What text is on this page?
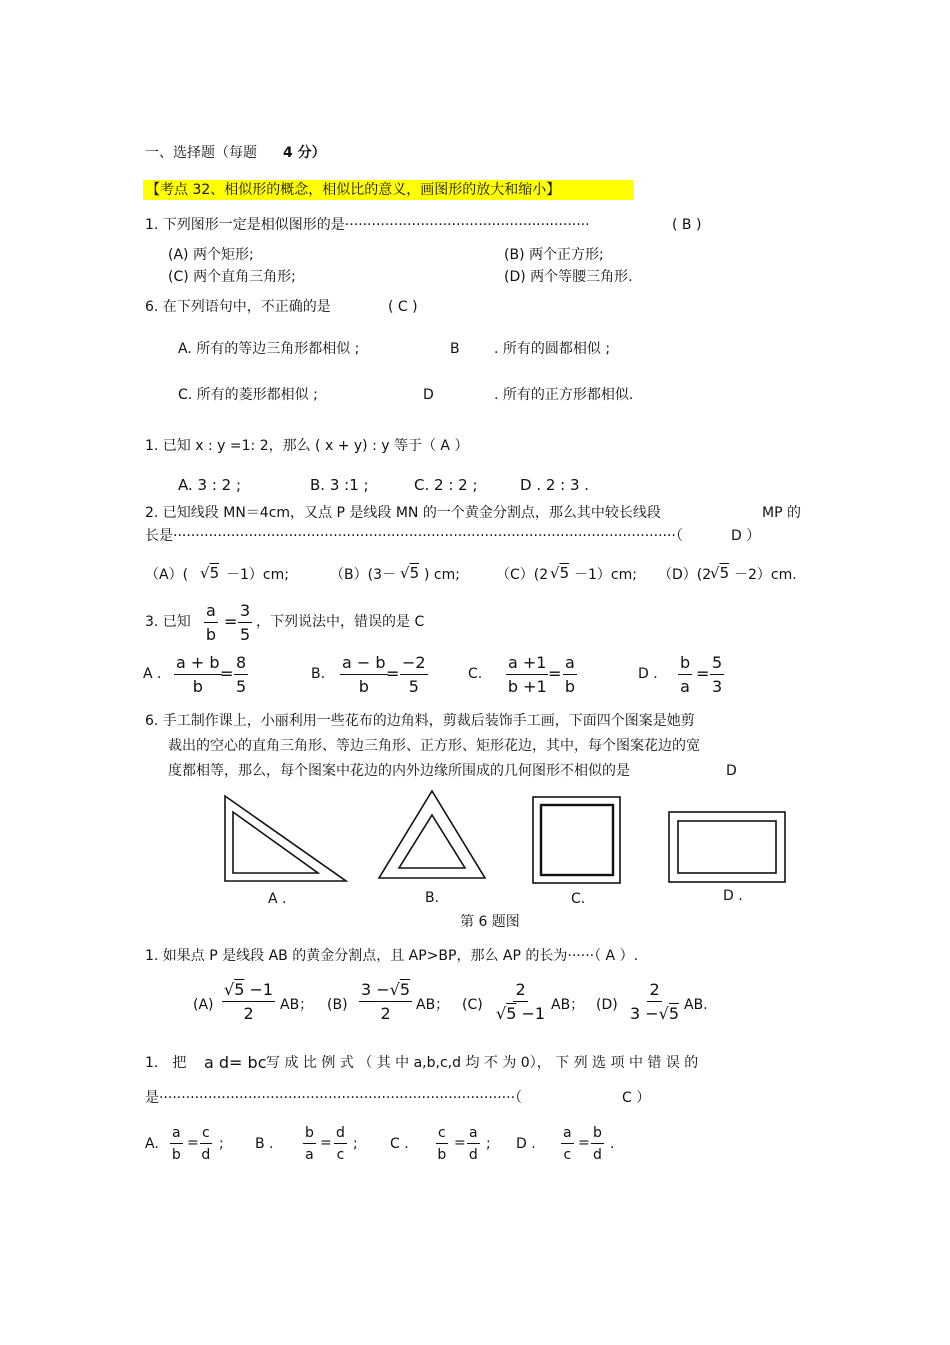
一、选择题（每题 4 分）
【考点 32、相似形的概念，相似比的意义，画图形的放大和缩小】
1. 下列图形一定是相似图形的是·······················································	( B )
(A) 两个矩形;	(B) 两个正方形;
(C) 两个直角三角形;	(D) 两个等腰三角形.
6. 在下列语句中，不正确的是	( C )
A. 所有的等边三角形都相似 ;	B . 所有的圆都相似 ;
C. 所有的菱形都相似 ;	D	. 所有的正方形都相似.
1. 已知 x : y =1: 2，那么 ( x + y) : y 等于（ A ）
A. 3 : 2 ;	B. 3 :1 ;	C. 2 : 2 ;	D . 2 : 3 .
2. 已知线段 MN＝4cm，又点 P 是线段 MN 的一个黄金分割点，那么其中较长线段	MP 的
长是·················································································································（	D ）
（A）( √5 －1）cm;	（B）(3－ √5 ) cm;	（C）(2 √5 －1）cm; （D）(2
√5 －2）cm.
3. 已知 $\frac{a}{b} = \frac{3}{5}$ ，下列说法中，错误的是 C
A . $\frac{a + b}{b}$
= $\frac{8}{5}$	B. $\frac{a - b}{b}$
= $\frac{-2}{5}$	C. $\frac{a +1}{b +1} = \frac{a}{b}$	D . $\frac{b}{a} = \frac{5}{3}$
6. 手工制作课上，小丽利用一些花布的边角料，剪裁后装饰手工画，下面四个图案是她剪
裁出的空心的直角三角形、等边三角形、正方形、矩形花边，其中，每个图案花边的宽
度都相等，那么，每个图案中花边的内外边缘所围成的几何图形不相似的是	D
A .	B.	C.	D .
第 6 题图
1. 如果点 P 是线段 AB 的黄金分割点，且 AP>BP，那么 AP 的长为······（ A ）.
$(A) \frac{√5 -1}{2}$ AB； $(B) \frac{3 -√5}{2}$ AB； $(C) \frac{2}{√5 -1}$ AB； $(D) \frac{2}{3 -√5}$ AB.
1． 把 a d= bc 写 成 比 例 式 （ 其 中 a,b,c,d 均 不 为 0）， 下 列 选 项 中 错 误 的
是················································································（	C ）
A. $\frac{a}{b} = \frac{c}{d}$ ; B . $\frac{b}{a} = \frac{d}{c}$ ; C . $\frac{c}{b} = \frac{a}{d}$ ; D . $\frac{a}{c} = \frac{b}{d}$ .
